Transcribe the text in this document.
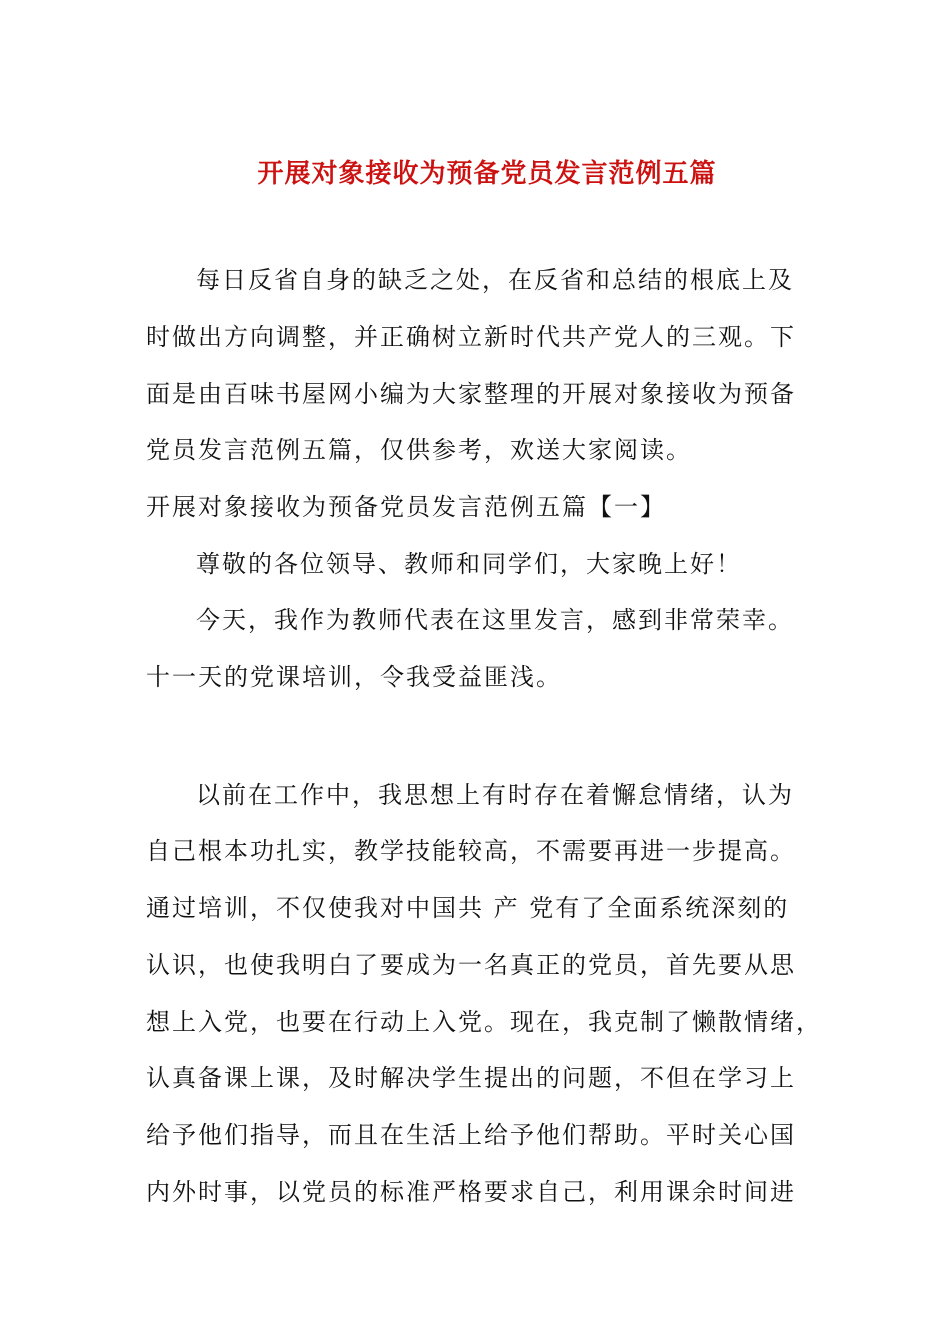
开展对象接收为预备党员发言范例五篇
每日反省自身的缺乏之处，在反省和总结的根底上及
时做出方向调整，并正确树立新时代共产党人的三观。下
面是由百味书屋网小编为大家整理的开展对象接收为预备
党员发言范例五篇，仅供参考，欢送大家阅读。
开展对象接收为预备党员发言范例五篇【一】
尊敬的各位领导、教师和同学们，大家晚上好！
今天，我作为教师代表在这里发言，感到非常荣幸。
十一天的党课培训，令我受益匪浅。
以前在工作中，我思想上有时存在着懈怠情绪，认为
自己根本功扎实，教学技能较高，不需要再进一步提高。
通过培训，不仅使我对中国共 产 党有了全面系统深刻的
认识，也使我明白了要成为一名真正的党员，首先要从思
想上入党，也要在行动上入党。现在，我克制了懒散情绪，
认真备课上课，及时解决学生提出的问题，不但在学习上
给予他们指导，而且在生活上给予他们帮助。平时关心国
内外时事，以党员的标准严格要求自己，利用课余时间进
